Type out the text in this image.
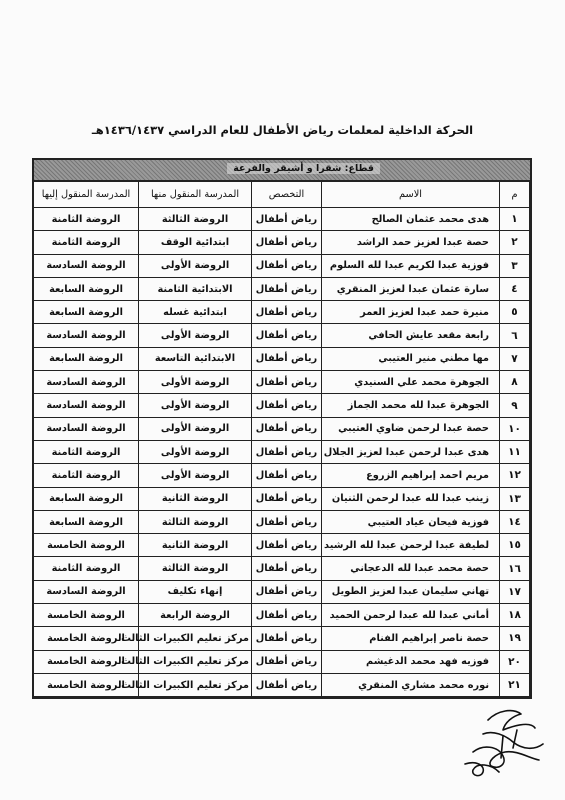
الحركة الداخلية لمعلمات رياض الأطفال للعام الدراسي ١٤٣٦/١٤٣٧هـ
قطاع: شقرا و أشيقر والفرعة
م	الاسم	التخصص	المدرسة المنقول منها	المدرسة المنقول إليها
١	هدى محمد عثمان الصالح	رياض أطفال	الروضة الثالثة	الروضة الثامنة
٢	حصة عبدا لعزيز حمد الراشد	رياض أطفال	ابتدائية الوقف	الروضة الثامنة
٣	فوزية عبدا لكريم عبدا لله السلوم	رياض أطفال	الروضة الأولى	الروضة السادسة
٤	سارة عثمان عبدا لعزيز المنقري	رياض أطفال	الابتدائية الثامنة	الروضة السابعة
٥	منيرة حمد عبدا لعزيز العمر	رياض أطفال	ابتدائية غسله	الروضة السابعة
٦	رابعة مقعد عايش الحافي	رياض أطفال	الروضة الأولى	الروضة السادسة
٧	مها مطني منير العتيبي	رياض أطفال	الابتدائية التاسعة	الروضة السابعة
٨	الجوهرة محمد علي السنيدي	رياض أطفال	الروضة الأولى	الروضة السادسة
٩	الجوهرة عبدا لله محمد الجماز	رياض أطفال	الروضة الأولى	الروضة السادسة
١٠	حصة عبدا لرحمن ضاوي العتيبي	رياض أطفال	الروضة الأولى	الروضة السادسة
١١	هدى عبدا لرحمن عبدا لعزيز الجلال	رياض أطفال	الروضة الأولى	الروضة الثامنة
١٢	مريم احمد إبراهيم الزروع	رياض أطفال	الروضة الأولى	الروضة الثامنة
١٣	زينب عبدا لله عبدا لرحمن الثنيان	رياض أطفال	الروضة الثانية	الروضة السابعة
١٤	فوزية فيحان عياد العتيبي	رياض أطفال	الروضة الثالثة	الروضة السابعة
١٥	لطيفة عبدا لرحمن عبدا لله الرشيد	رياض أطفال	الروضة الثانية	الروضة الخامسة
١٦	حصة محمد عبدا لله الدعجاني	رياض أطفال	الروضة الثالثة	الروضة الثامنة
١٧	تهاني سليمان عبدا لعزيز الطويل	رياض أطفال	إنهاء تكليف	الروضة السادسة
١٨	أماني عبدا لله عبدا لرحمن الحميد	رياض أطفال	الروضة الرابعة	الروضة الخامسة
١٩	حصة ناصر إبراهيم الفنام	رياض أطفال	مركز تعليم الكبيرات الثالث	الروضة الخامسة
٢٠	فوزيه فهد محمد الدغيشم	رياض أطفال	مركز تعليم الكبيرات الثالث	الروضة الخامسة
٢١	نوره محمد مشاري المنقري	رياض أطفال	مركز تعليم الكبيرات الثالث	الروضة الخامسة
